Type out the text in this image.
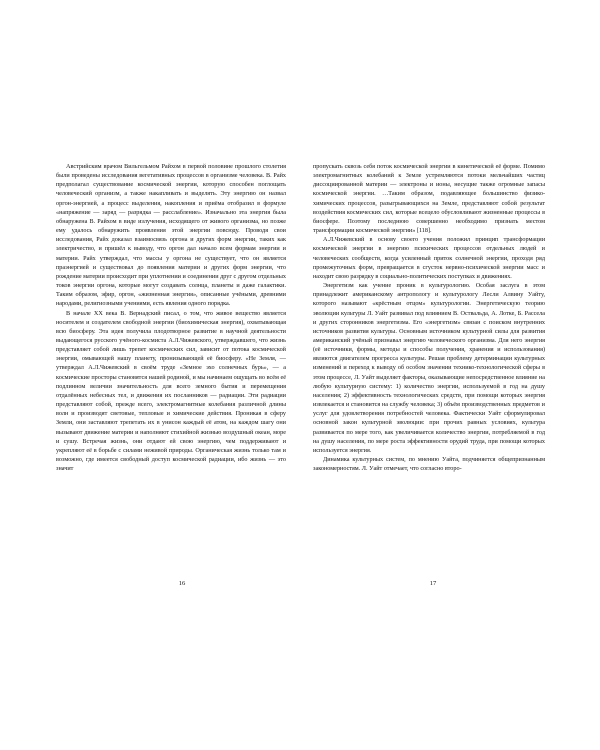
Австрийским врачом Вильгельмом Райхом в первой половине прошлого столетия были проведены исследования вегетативных процессов в организме человека. В. Райх предполагал существование космической энергии, которую способен поглощать человеческий организм, а также накапливать и выделять. Эту энергию он назвал оргон-энергией, а процесс выделения, накопления и приёма отобразил в формуле «напряжение — заряд — разрядка — расслабление». Изначально эта энергия была обнаружена В. Райхом в виде излучения, исходящего от живого организма, но позже ему удалось обнаружить проявления этой энергии повсюду. Проводя свои исследования, Райх доказал взаимосвязь оргона и других форм энергии, таких как электричество, и пришёл к выводу, что оргон дал начало всем формам энергии и материи. Райх утверждал, что массы у оргона не существует, что он является праэнергией и существовал до появления материи и других форм энергии, что рождение материи происходит при уплотнении и соединении друг с другом отдельных токов энергии оргона, которые могут создавать солнца, планеты и даже галактики. Таким образом, эфир, оргон, «жизненная энергия», описанные учёными, древними народами, религиозными учениями, есть явления одного порядка.

В начале XX века В. Вернадский писал, о том, что живое вещество является носителем и создателем свободной энергии (биохимическая энергия), охватывающая всю биосферу. Эта идея получила плодотворное развитие в научной деятельности выдающегося русского учёного-космиста А.Л.Чижевского, утверждавшего, что жизнь представляет собой лишь трепет космических сил, зависит от потока космической энергии, омывающей нашу планету, пронизывающей её биосферу. «Не Земля, — утверждал А.Л.Чижевский в своём труде «Земное эхо солнечных бурь», — а космические просторы становятся нашей родиной, и мы начинаем ощущать во всём её подлинном величии значительность для всего земного бытия и перемещения отдалённых небесных тел, и движения их посланников — радиации. Эти радиации представляют собой, прежде всего, электромагнитные колебания различной длины волн и производят световые, тепловые и химические действия. Проникая в сферу Земли, они заставляют трепетать их в унисон каждый её атом, на каждом шагу они вызывают движение материи и наполняют стихийной жизнью воздушный океан, море и сушу. Встречая жизнь, они отдают ей свою энергию, чем поддерживают и укрепляют её в борьбе с силами неживой природы. Органическая жизнь только там и возможно, где имеется свободный доступ космической радиации, ибо жизнь — это значит

16

пропускать сквозь себя поток космической энергии в кинетической её форме. Помимо электромагнитных колебаний к Земле устремляются потоки мельчайших частиц диссоциированной материи — электроны и ионы, несущие также огромные запасы космической энергии. …Таким образом, подавляющее большинство физико-химических процессов, разыгрывающихся на Земле, представляют собой результат воздействия космических сил, которые всецело обусловливают жизненные процессы в биосфере. Поэтому последнюю совершенно необходимо признать местом трансформации космической энергии» [118].

А.Л.Чижевский в основу своего учения положил принцип трансформации космической энергии в энергию психических процессов отдельных людей и человеческих сообществ, когда усиленный приток солнечной энергии, проходя ряд промежуточных форм, превращается в сгусток нервно-психической энергии масс и находит свою разрядку в социально-политических поступках и движениях.

Энергетизм как учение проник в культурологию. Особая заслуга в этом принадлежит американскому антропологу и культурологу Лесли Алвину Уайту, которого называют «крёстным отцом» культурологии. Энергетическую теорию эволюции культуры Л. Уайт развивал под влиянием В. Оствальда, А. Лотке, Б. Рассела и других сторонников энергетизма. Его «энергетизм» связан с поиском внутренних источников развития культуры. Основным источником культурной силы для развития американский учёный признавал энергию человеческого организма. Для него энергия (её источники, формы, методы и способы получения, хранения и использования) являются двигателем прогресса культуры. Решая проблему детерминации культурных изменений и переход к выводу об особом значении технико-технологической сферы в этом процессе, Л. Уайт выделяет факторы, оказывающие непосредственное влияние на любую культурную систему: 1) количество энергии, используемой в год на душу населения; 2) эффективность технологических средств, при помощи которых энергия извлекается и становится на службу человека; 3) объём производственных предметов и услуг для удовлетворения потребностей человека. Фактически Уайт сформулировал основной закон культурной эволюции: при прочих равных условиях, культура развивается по мере того, как увеличивается количество энергии, потребляемой в год на душу населения, по мере роста эффективности орудий труда, при помощи которых используется энергия.

Динамика культурных систем, по мнению Уайта, подчиняется общепризнанным закономерностям. Л. Уайт отмечает, что согласно второ-

17
